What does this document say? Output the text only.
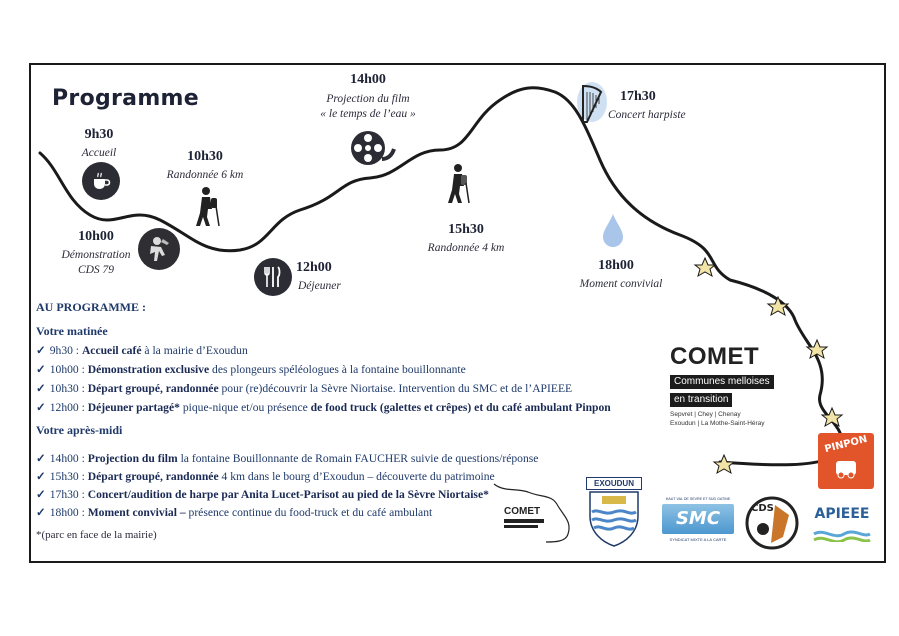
Programme
9h30
Accueil	10h30
Randonnée 6 km
10h00
Démonstration
CDS 79	12h00
Déjeuner
14h00
Projection du film
« le temps de l’eau »
15h30
Randonnée 4 km
17h30
Concert harpiste
18h00
Moment convivial
AU PROGRAMME :
Votre matinée
✓ 9h30 : Accueil café à la mairie d’Exoudun
✓ 10h00 : Démonstration exclusive des plongeurs spéléologues à la fontaine bouillonnante
✓ 10h30 : Départ groupé, randonnée pour (re)découvrir la Sèvre Niortaise. Intervention du SMC et de l’APIEEE
✓ 12h00 : Déjeuner partagé* pique-nique et/ou présence de food truck (galettes et crêpes) et du café ambulant Pinpon
Votre après-midi
✓ 14h00 : Projection du film la fontaine Bouillonnante de Romain FAUCHER suivie de questions/réponse
✓ 15h30 : Départ groupé, randonnée 4 km dans le bourg d’Exoudun – découverte du patrimoine
✓ 17h30 : Concert/audition de harpe par Anita Lucet-Parisot au pied de la Sèvre Niortaise*
✓ 18h00 : Moment convivial – présence continue du food-truck et du café ambulant
*(parc en face de la mairie)
COMET
Communes melloises
en transition
Sepvret | Chey | Chenay
Exoudun | La Mothe-Saint-Héray
PINPON
COMET
EXOUDUN
HAUT VAL DE SEVRE ET SUD GATINE
SMC
SYNDICAT MIXTE A LA CARTE
CDS	APIEEE
